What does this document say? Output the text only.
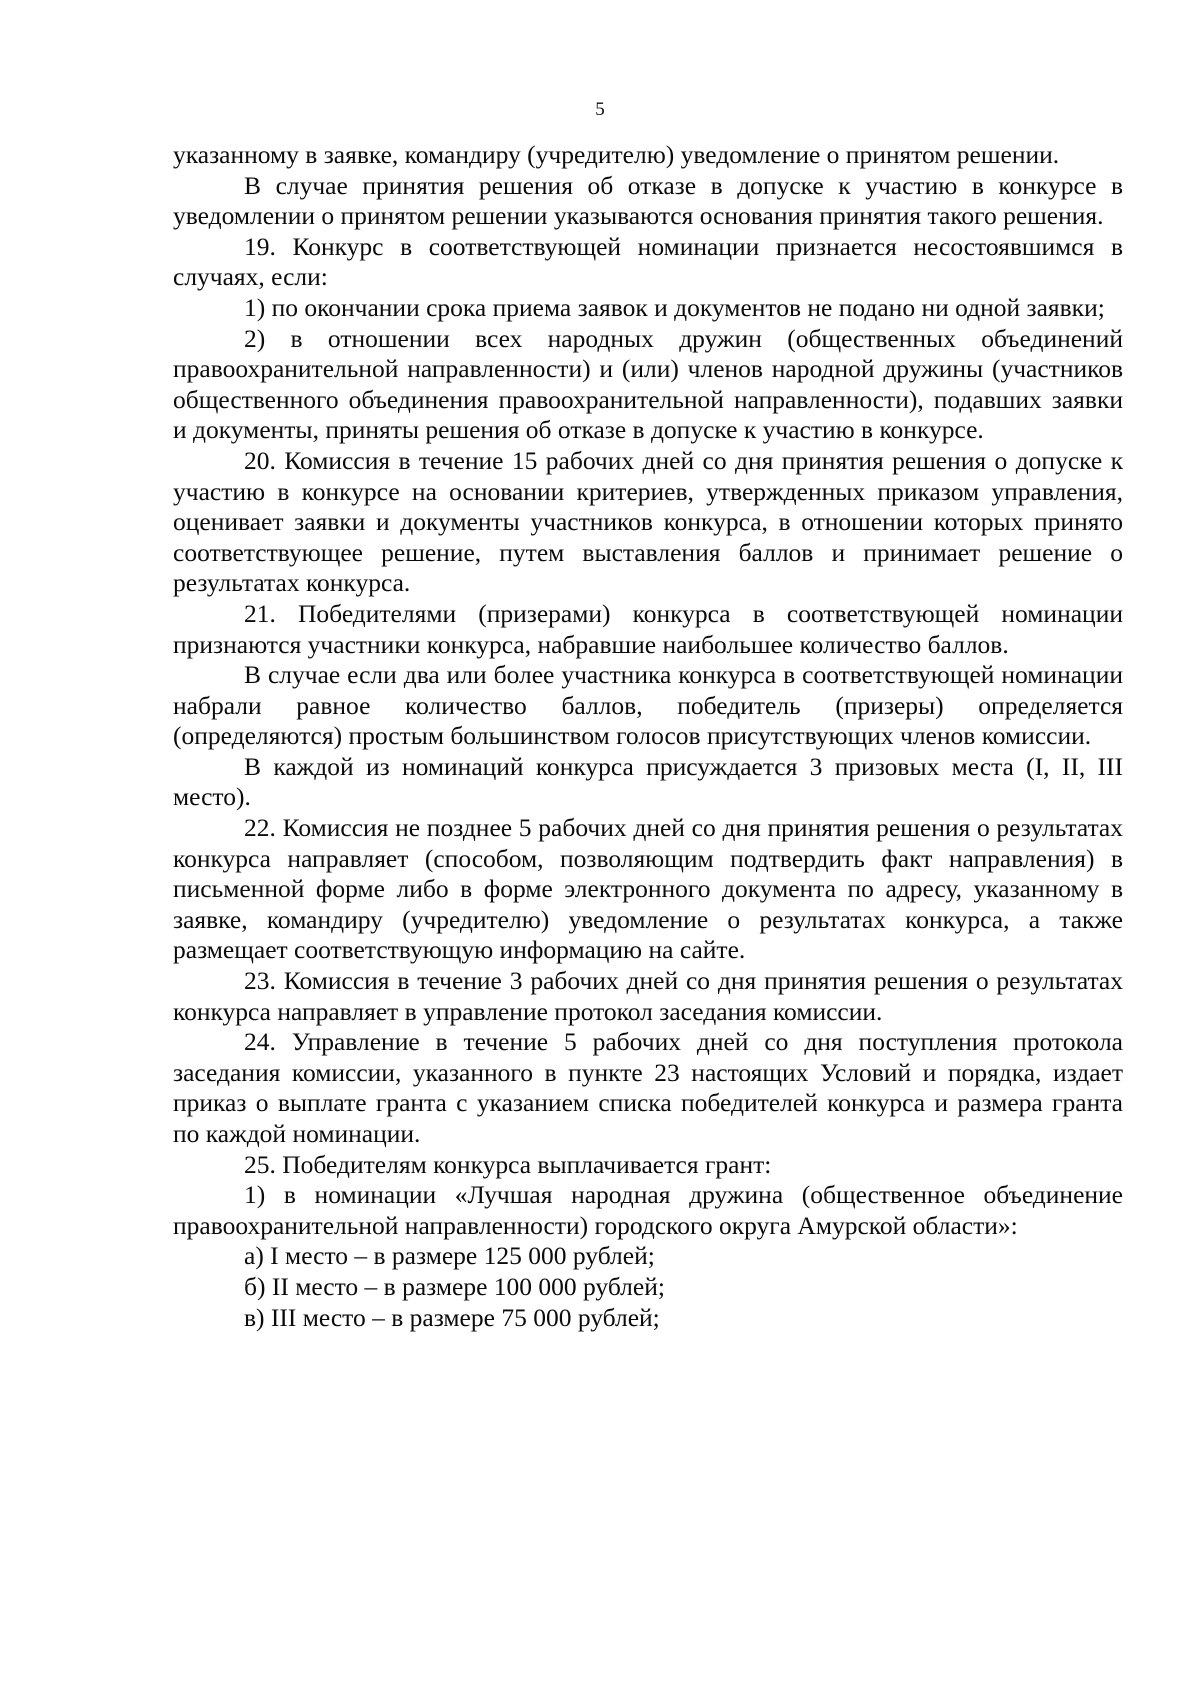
5

указанному в заявке, командиру (учредителю) уведомление о принятом решении.

В случае принятия решения об отказе в допуске к участию в конкурсе в уведомлении о принятом решении указываются основания принятия такого решения.

19. Конкурс в соответствующей номинации признается несостоявшимся в случаях, если:

1) по окончании срока приема заявок и документов не подано ни одной заявки;

2) в отношении всех народных дружин (общественных объединений правоохранительной направленности) и (или) членов народной дружины (участников общественного объединения правоохранительной направленности), подавших заявки и документы, приняты решения об отказе в допуске к участию в конкурсе.

20. Комиссия в течение 15 рабочих дней со дня принятия решения о допуске к участию в конкурсе на основании критериев, утвержденных приказом управления, оценивает заявки и документы участников конкурса, в отношении которых принято соответствующее решение, путем выставления баллов и принимает решение о результатах конкурса.

21. Победителями (призерами) конкурса в соответствующей номинации признаются участники конкурса, набравшие наибольшее количество баллов.

В случае если два или более участника конкурса в соответствующей номинации набрали равное количество баллов, победитель (призеры) определяется (определяются) простым большинством голосов присутствующих членов комиссии.

В каждой из номинаций конкурса присуждается 3 призовых места (I, II, III место).

22. Комиссия не позднее 5 рабочих дней со дня принятия решения о результатах конкурса направляет (способом, позволяющим подтвердить факт направления) в письменной форме либо в форме электронного документа по адресу, указанному в заявке, командиру (учредителю) уведомление о результатах конкурса, а также размещает соответствующую информацию на сайте.

23. Комиссия в течение 3 рабочих дней со дня принятия решения о результатах конкурса направляет в управление протокол заседания комиссии.

24. Управление в течение 5 рабочих дней со дня поступления протокола заседания комиссии, указанного в пункте 23 настоящих Условий и порядка, издает приказ о выплате гранта с указанием списка победителей конкурса и размера гранта по каждой номинации.

25. Победителям конкурса выплачивается грант:

1) в номинации «Лучшая народная дружина (общественное объединение правоохранительной направленности) городского округа Амурской области»:

а) I место – в размере 125 000 рублей;

б) II место – в размере 100 000 рублей;

в) III место – в размере 75 000 рублей;
